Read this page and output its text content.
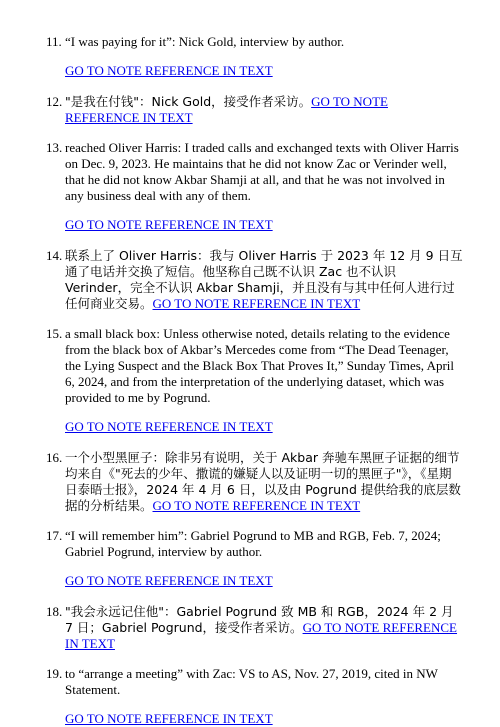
11. “I was paying for it”: Nick Gold, interview by author.

GO TO NOTE REFERENCE IN TEXT

12. "是我在付钱"：Nick Gold，接受作者采访。GO TO NOTE REFERENCE IN TEXT

13. reached Oliver Harris: I traded calls and exchanged texts with Oliver Harris on Dec. 9, 2023. He maintains that he did not know Zac or Verinder well, that he did not know Akbar Shamji at all, and that he was not involved in any business deal with any of them.

GO TO NOTE REFERENCE IN TEXT

14. 联系上了 Oliver Harris：我与 Oliver Harris 于 2023 年 12 月 9 日互通了电话并交换了短信。他坚称自己既不认识 Zac 也不认识 Verinder，完全不认识 Akbar Shamji，并且没有与其中任何人进行过任何商业交易。GO TO NOTE REFERENCE IN TEXT

15. a small black box: Unless otherwise noted, details relating to the evidence from the black box of Akbar’s Mercedes come from “The Dead Teenager, the Lying Suspect and the Black Box That Proves It,” Sunday Times, April 6, 2024, and from the interpretation of the underlying dataset, which was provided to me by Pogrund.

GO TO NOTE REFERENCE IN TEXT

16. 一个小型黑匣子：除非另有说明，关于 Akbar 奔驰车黑匣子证据的细节均来自《"死去的少年、撒谎的嫌疑人以及证明一切的黑匣子"》，《星期日泰晤士报》，2024 年 4 月 6 日，以及由 Pogrund 提供给我的底层数据的分析结果。GO TO NOTE REFERENCE IN TEXT

17. “I will remember him”: Gabriel Pogrund to MB and RGB, Feb. 7, 2024; Gabriel Pogrund, interview by author.

GO TO NOTE REFERENCE IN TEXT

18. "我会永远记住他"：Gabriel Pogrund 致 MB 和 RGB，2024 年 2 月 7 日；Gabriel Pogrund，接受作者采访。GO TO NOTE REFERENCE IN TEXT

19. to “arrange a meeting” with Zac: VS to AS, Nov. 27, 2019, cited in NW Statement.

GO TO NOTE REFERENCE IN TEXT
